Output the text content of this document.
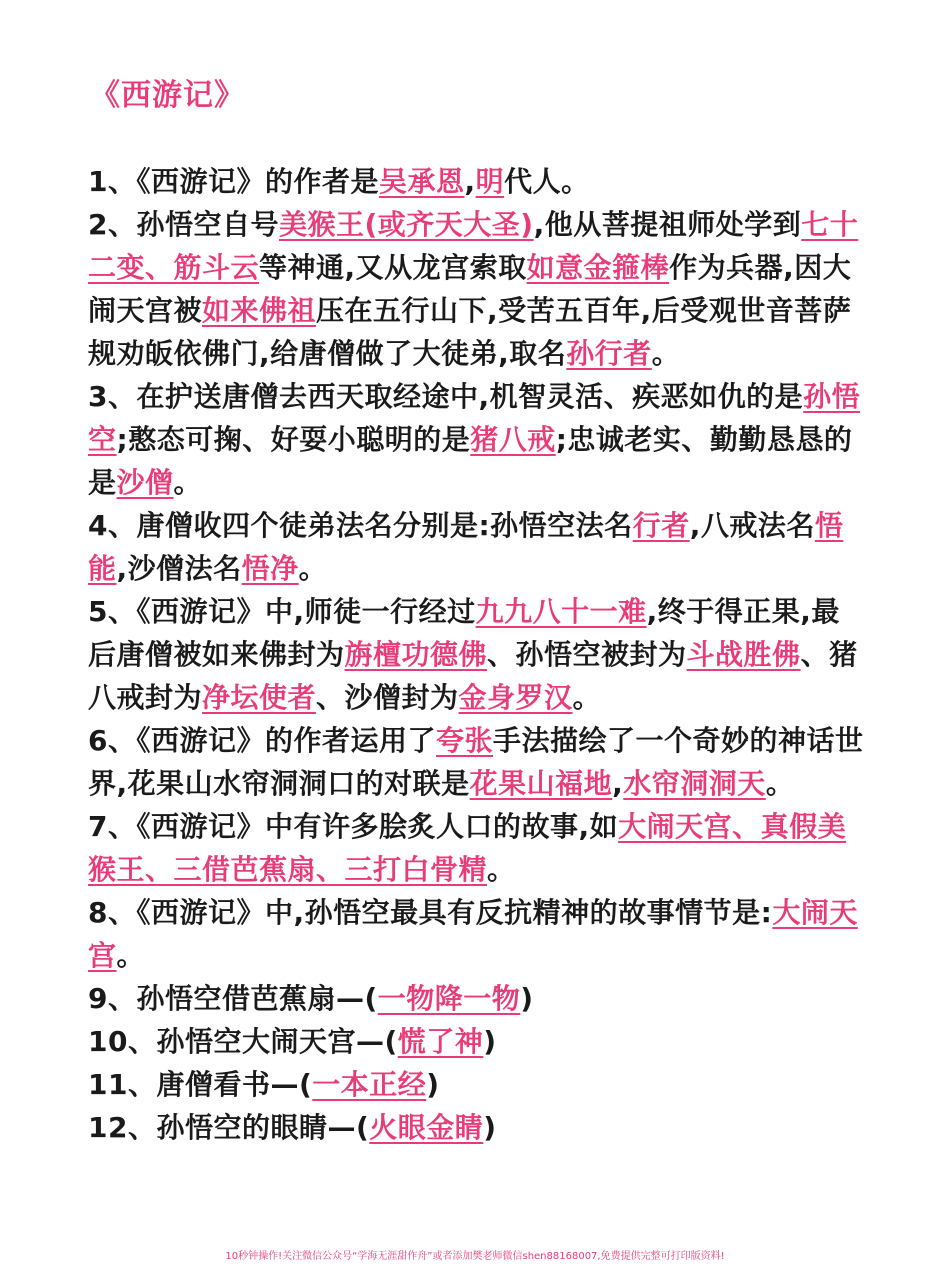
《西游记》

1、《西游记》的作者是吴承恩,明代人。

2、孙悟空自号美猴王(或齐天大圣),他从菩提祖师处学到七十二变、筋斗云等神通,又从龙宫索取如意金箍棒作为兵器,因大闹天宫被如来佛祖压在五行山下,受苦五百年,后受观世音菩萨规劝皈依佛门,给唐僧做了大徒弟,取名孙行者。

3、在护送唐僧去西天取经途中,机智灵活、疾恶如仇的是孙悟空;憨态可掬、好耍小聪明的是猪八戒;忠诚老实、勤勤恳恳的是沙僧。

4、唐僧收四个徒弟法名分别是:孙悟空法名行者,八戒法名悟能,沙僧法名悟净。

5、《西游记》中,师徒一行经过九九八十一难,终于得正果,最后唐僧被如来佛封为旃檀功德佛、孙悟空被封为斗战胜佛、猪八戒封为净坛使者、沙僧封为金身罗汉。

6、《西游记》的作者运用了夸张手法描绘了一个奇妙的神话世界,花果山水帘洞洞口的对联是花果山福地,水帘洞洞天。

7、《西游记》中有许多脍炙人口的故事,如大闹天宫、真假美猴王、三借芭蕉扇、三打白骨精。

8、《西游记》中,孙悟空最具有反抗精神的故事情节是:大闹天宫。

9、孙悟空借芭蕉扇—(一物降一物)

10、孙悟空大闹天宫—(慌了神)

11、唐僧看书—(一本正经)

12、孙悟空的眼睛—(火眼金睛)

10秒钟操作!关注微信公众号“学海无涯甜作舟”或者添加樊老师微信shen88168007,免费提供完整可打印版资料!
